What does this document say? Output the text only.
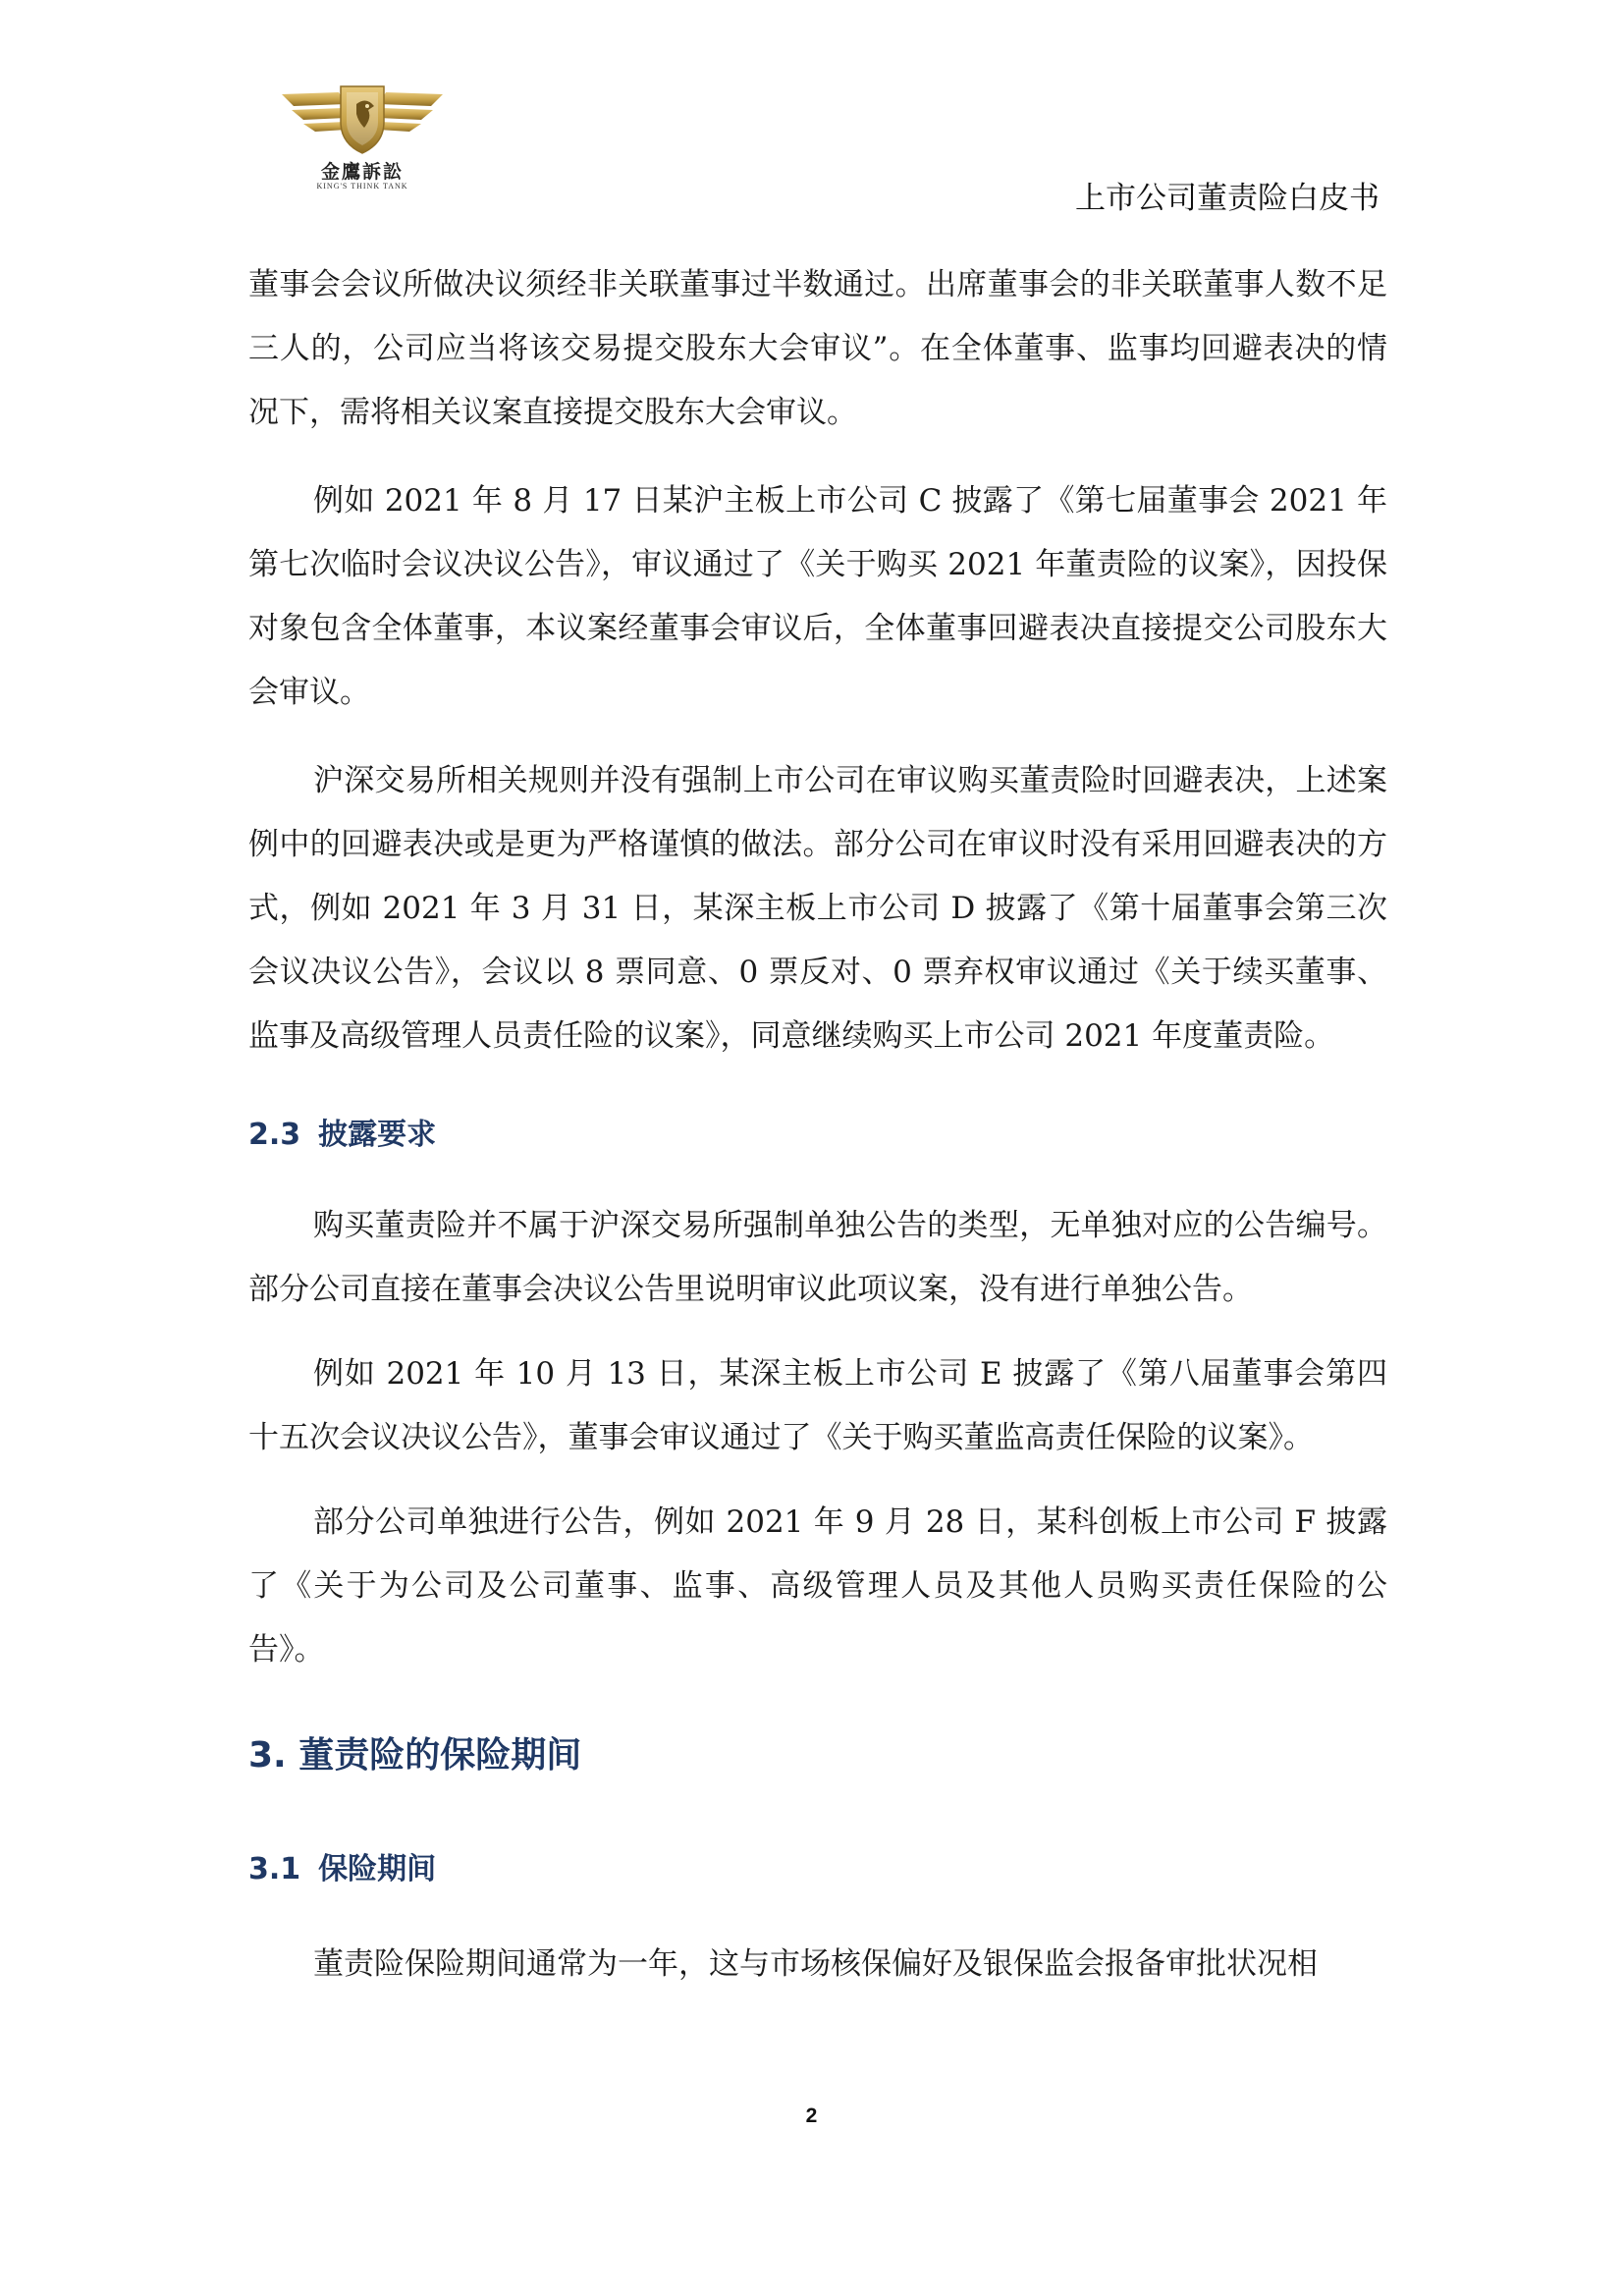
金鷹訴訟
KING'S THINK TANK	上市公司董责险白皮书

董事会会议所做决议须经非关联董事过半数通过。出席董事会的非关联董事人数不足三人的，公司应当将该交易提交股东大会审议”。在全体董事、监事均回避表决的情况下，需将相关议案直接提交股东大会审议。

例如 2021 年 8 月 17 日某沪主板上市公司 C 披露了《第七届董事会 2021 年第七次临时会议决议公告》，审议通过了《关于购买 2021 年董责险的议案》，因投保对象包含全体董事，本议案经董事会审议后，全体董事回避表决直接提交公司股东大会审议。

沪深交易所相关规则并没有强制上市公司在审议购买董责险时回避表决，上述案例中的回避表决或是更为严格谨慎的做法。部分公司在审议时没有采用回避表决的方式，例如 2021 年 3 月 31 日，某深主板上市公司 D 披露了《第十届董事会第三次会议决议公告》，会议以 8 票同意、0 票反对、0 票弃权审议通过《关于续买董事、监事及高级管理人员责任险的议案》，同意继续购买上市公司 2021 年度董责险。

2.3 披露要求

购买董责险并不属于沪深交易所强制单独公告的类型，无单独对应的公告编号。部分公司直接在董事会决议公告里说明审议此项议案，没有进行单独公告。

例如 2021 年 10 月 13 日，某深主板上市公司 E 披露了《第八届董事会第四十五次会议决议公告》，董事会审议通过了《关于购买董监高责任保险的议案》。

部分公司单独进行公告，例如 2021 年 9 月 28 日，某科创板上市公司 F 披露了《关于为公司及公司董事、监事、高级管理人员及其他人员购买责任保险的公告》。

3. 董责险的保险期间
3.1 保险期间

董责险保险期间通常为一年，这与市场核保偏好及银保监会报备审批状况相

2
